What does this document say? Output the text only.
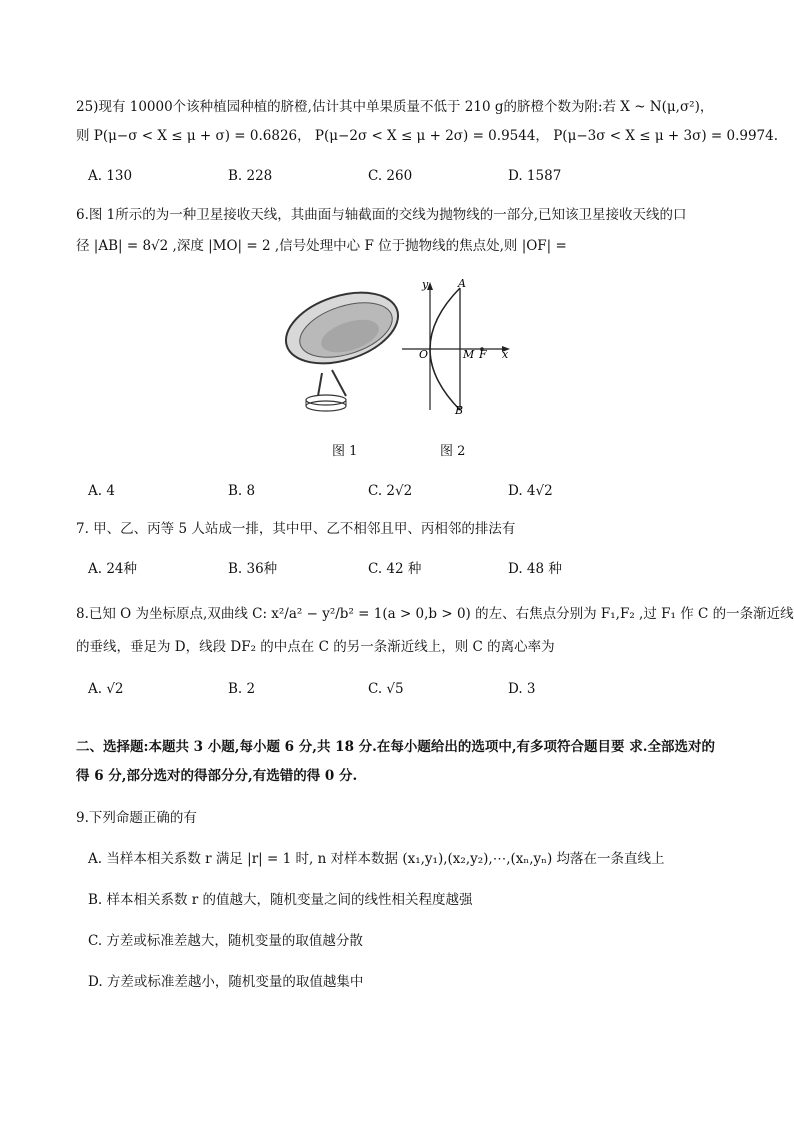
25)现有 10000个该种植园种植的脐橙,估计其中单果质量不低于 210 g的脐橙个数为附:若 X ~ N(μ,σ²)，
则 P(μ−σ < X ≤ μ + σ) = 0.6826， P(μ−2σ < X ≤ μ + 2σ) = 0.9544， P(μ−3σ < X ≤ μ + 3σ) = 0.9974.
A. 130	B. 228	C. 260	D. 1587
6.图 1所示的为一种卫星接收天线，其曲面与轴截面的交线为抛物线的一部分,已知该卫星接收天线的口
径 |AB| = 8√2 ,深度 |MO| = 2 ,信号处理中心 F 位于抛物线的焦点处,则 |OF| =
y	A
O	M F x
B
图 1	图 2
A. 4	B. 8	C. 2√2	D. 4√2
7. 甲、乙、丙等 5 人站成一排，其中甲、乙不相邻且甲、丙相邻的排法有
A. 24种	B. 36种	C. 42 种	D. 48 种
8.已知 O 为坐标原点,双曲线 C: x²/a² − y²/b² = 1(a > 0,b > 0) 的左、右焦点分别为 F₁,F₂ ,过 F₁ 作 C 的一条渐近线
的垂线，垂足为 D，线段 DF₂ 的中点在 C 的另一条渐近线上，则 C 的离心率为
A. √2	B. 2	C. √5	D. 3
二、选择题:本题共 3 小题,每小题 6 分,共 18 分.在每小题给出的选项中,有多项符合题目要 求.全部选对的
得 6 分,部分选对的得部分分,有选错的得 0 分.
9.下列命题正确的有
A. 当样本相关系数 r 满足 |r| = 1 时, n 对样本数据 (x₁,y₁),(x₂,y₂),⋯,(xₙ,yₙ) 均落在一条直线上
B. 样本相关系数 r 的值越大，随机变量之间的线性相关程度越强
C. 方差或标准差越大，随机变量的取值越分散
D. 方差或标准差越小，随机变量的取值越集中
